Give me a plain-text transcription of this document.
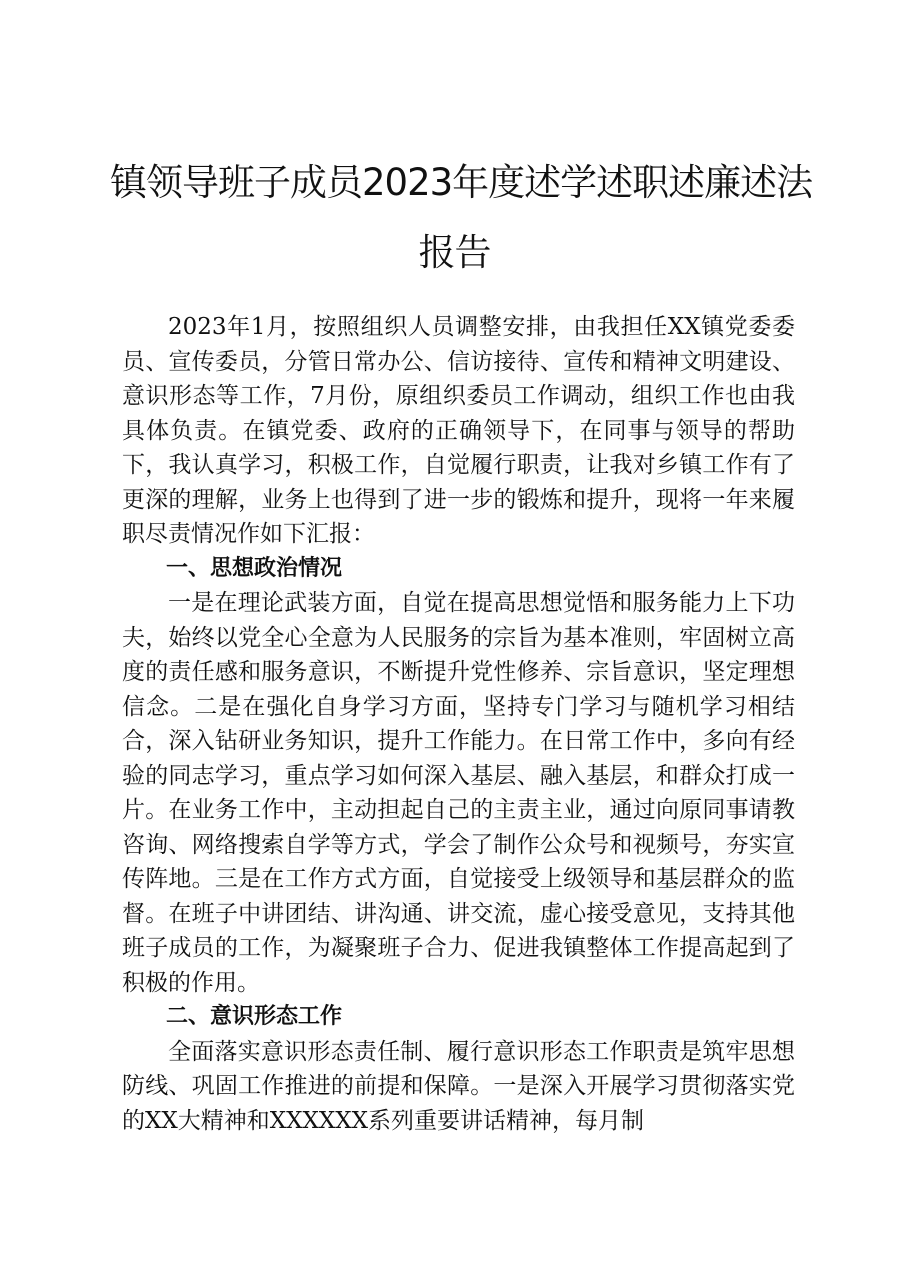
镇领导班子成员2023年度述学述职述廉述法
报告

2023年1月，按照组织人员调整安排，由我担任XX镇党委委员、宣传委员，分管日常办公、信访接待、宣传和精神文明建设、意识形态等工作，7月份，原组织委员工作调动，组织工作也由我具体负责。在镇党委、政府的正确领导下，在同事与领导的帮助下，我认真学习，积极工作，自觉履行职责，让我对乡镇工作有了更深的理解，业务上也得到了进一步的锻炼和提升，现将一年来履职尽责情况作如下汇报：

一、思想政治情况

一是在理论武装方面，自觉在提高思想觉悟和服务能力上下功夫，始终以党全心全意为人民服务的宗旨为基本准则，牢固树立高度的责任感和服务意识，不断提升党性修养、宗旨意识，坚定理想信念。二是在强化自身学习方面，坚持专门学习与随机学习相结合，深入钻研业务知识，提升工作能力。在日常工作中，多向有经验的同志学习，重点学习如何深入基层、融入基层，和群众打成一片。在业务工作中，主动担起自己的主责主业，通过向原同事请教咨询、网络搜索自学等方式，学会了制作公众号和视频号，夯实宣传阵地。三是在工作方式方面，自觉接受上级领导和基层群众的监督。在班子中讲团结、讲沟通、讲交流，虚心接受意见，支持其他班子成员的工作，为凝聚班子合力、促进我镇整体工作提高起到了积极的作用。

二、意识形态工作

全面落实意识形态责任制、履行意识形态工作职责是筑牢思想防线、巩固工作推进的前提和保障。一是深入开展学习贯彻落实党的XX大精神和XXXXXX系列重要讲话精神，每月制
